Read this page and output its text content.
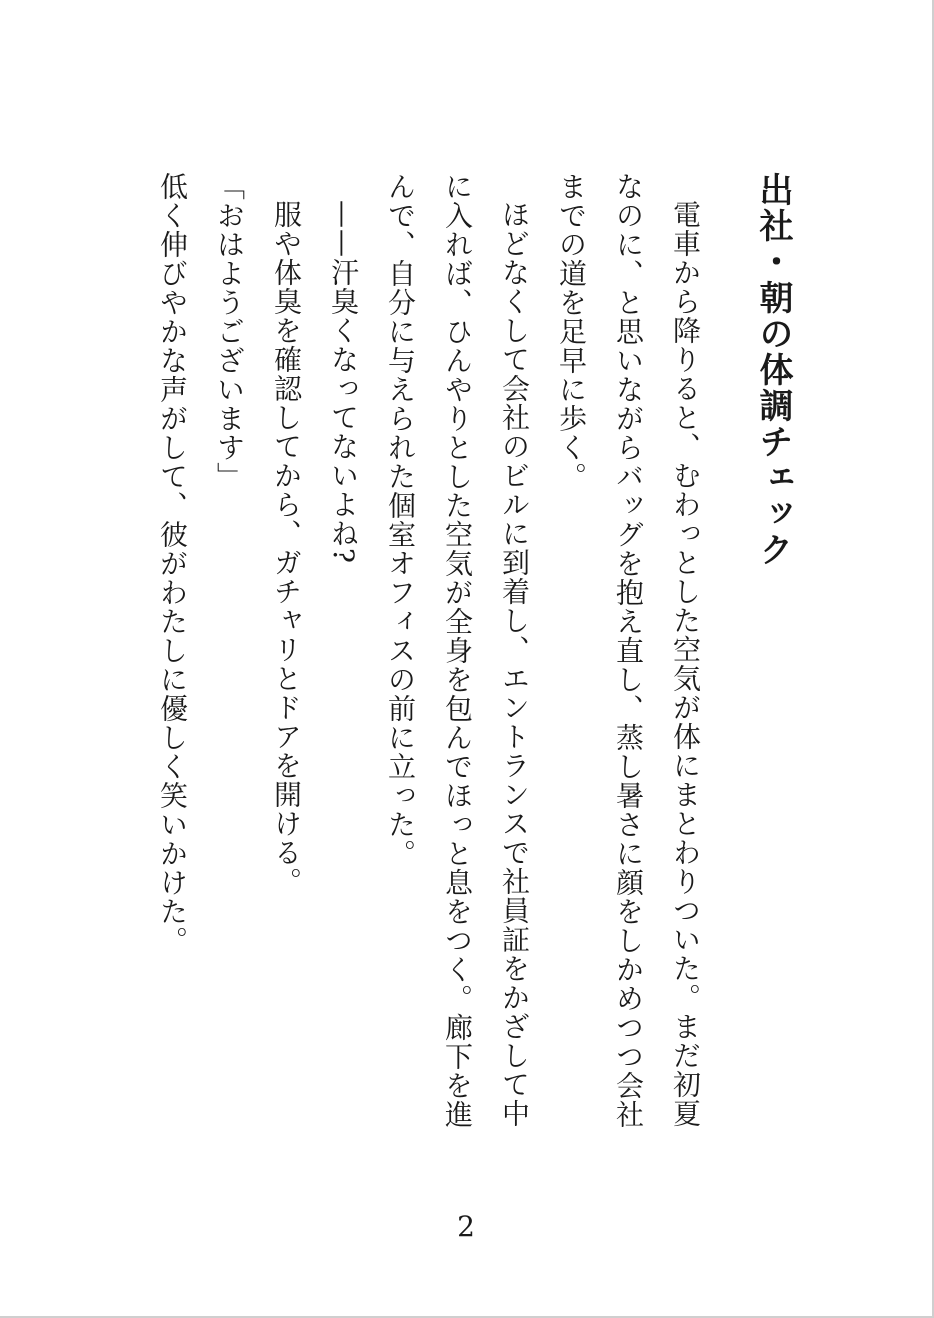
出社・朝の体調チェック

電車から降りると、むわっとした空気が体にまとわりついた。まだ初夏なのに、と思いながらバッグを抱え直し、蒸し暑さに顔をしかめつつ会社までの道を足早に歩く。

ほどなくして会社のビルに到着し、エントランスで社員証をかざして中に入れば、ひんやりとした空気が全身を包んでほっと息をつく。廊下を進んで、自分に与えられた個室オフィスの前に立った。

——汗臭くなってないよね?

服や体臭を確認してから、ガチャリとドアを開ける。

「おはようございます」

低く伸びやかな声がして、彼がわたしに優しく笑いかけた。

2
